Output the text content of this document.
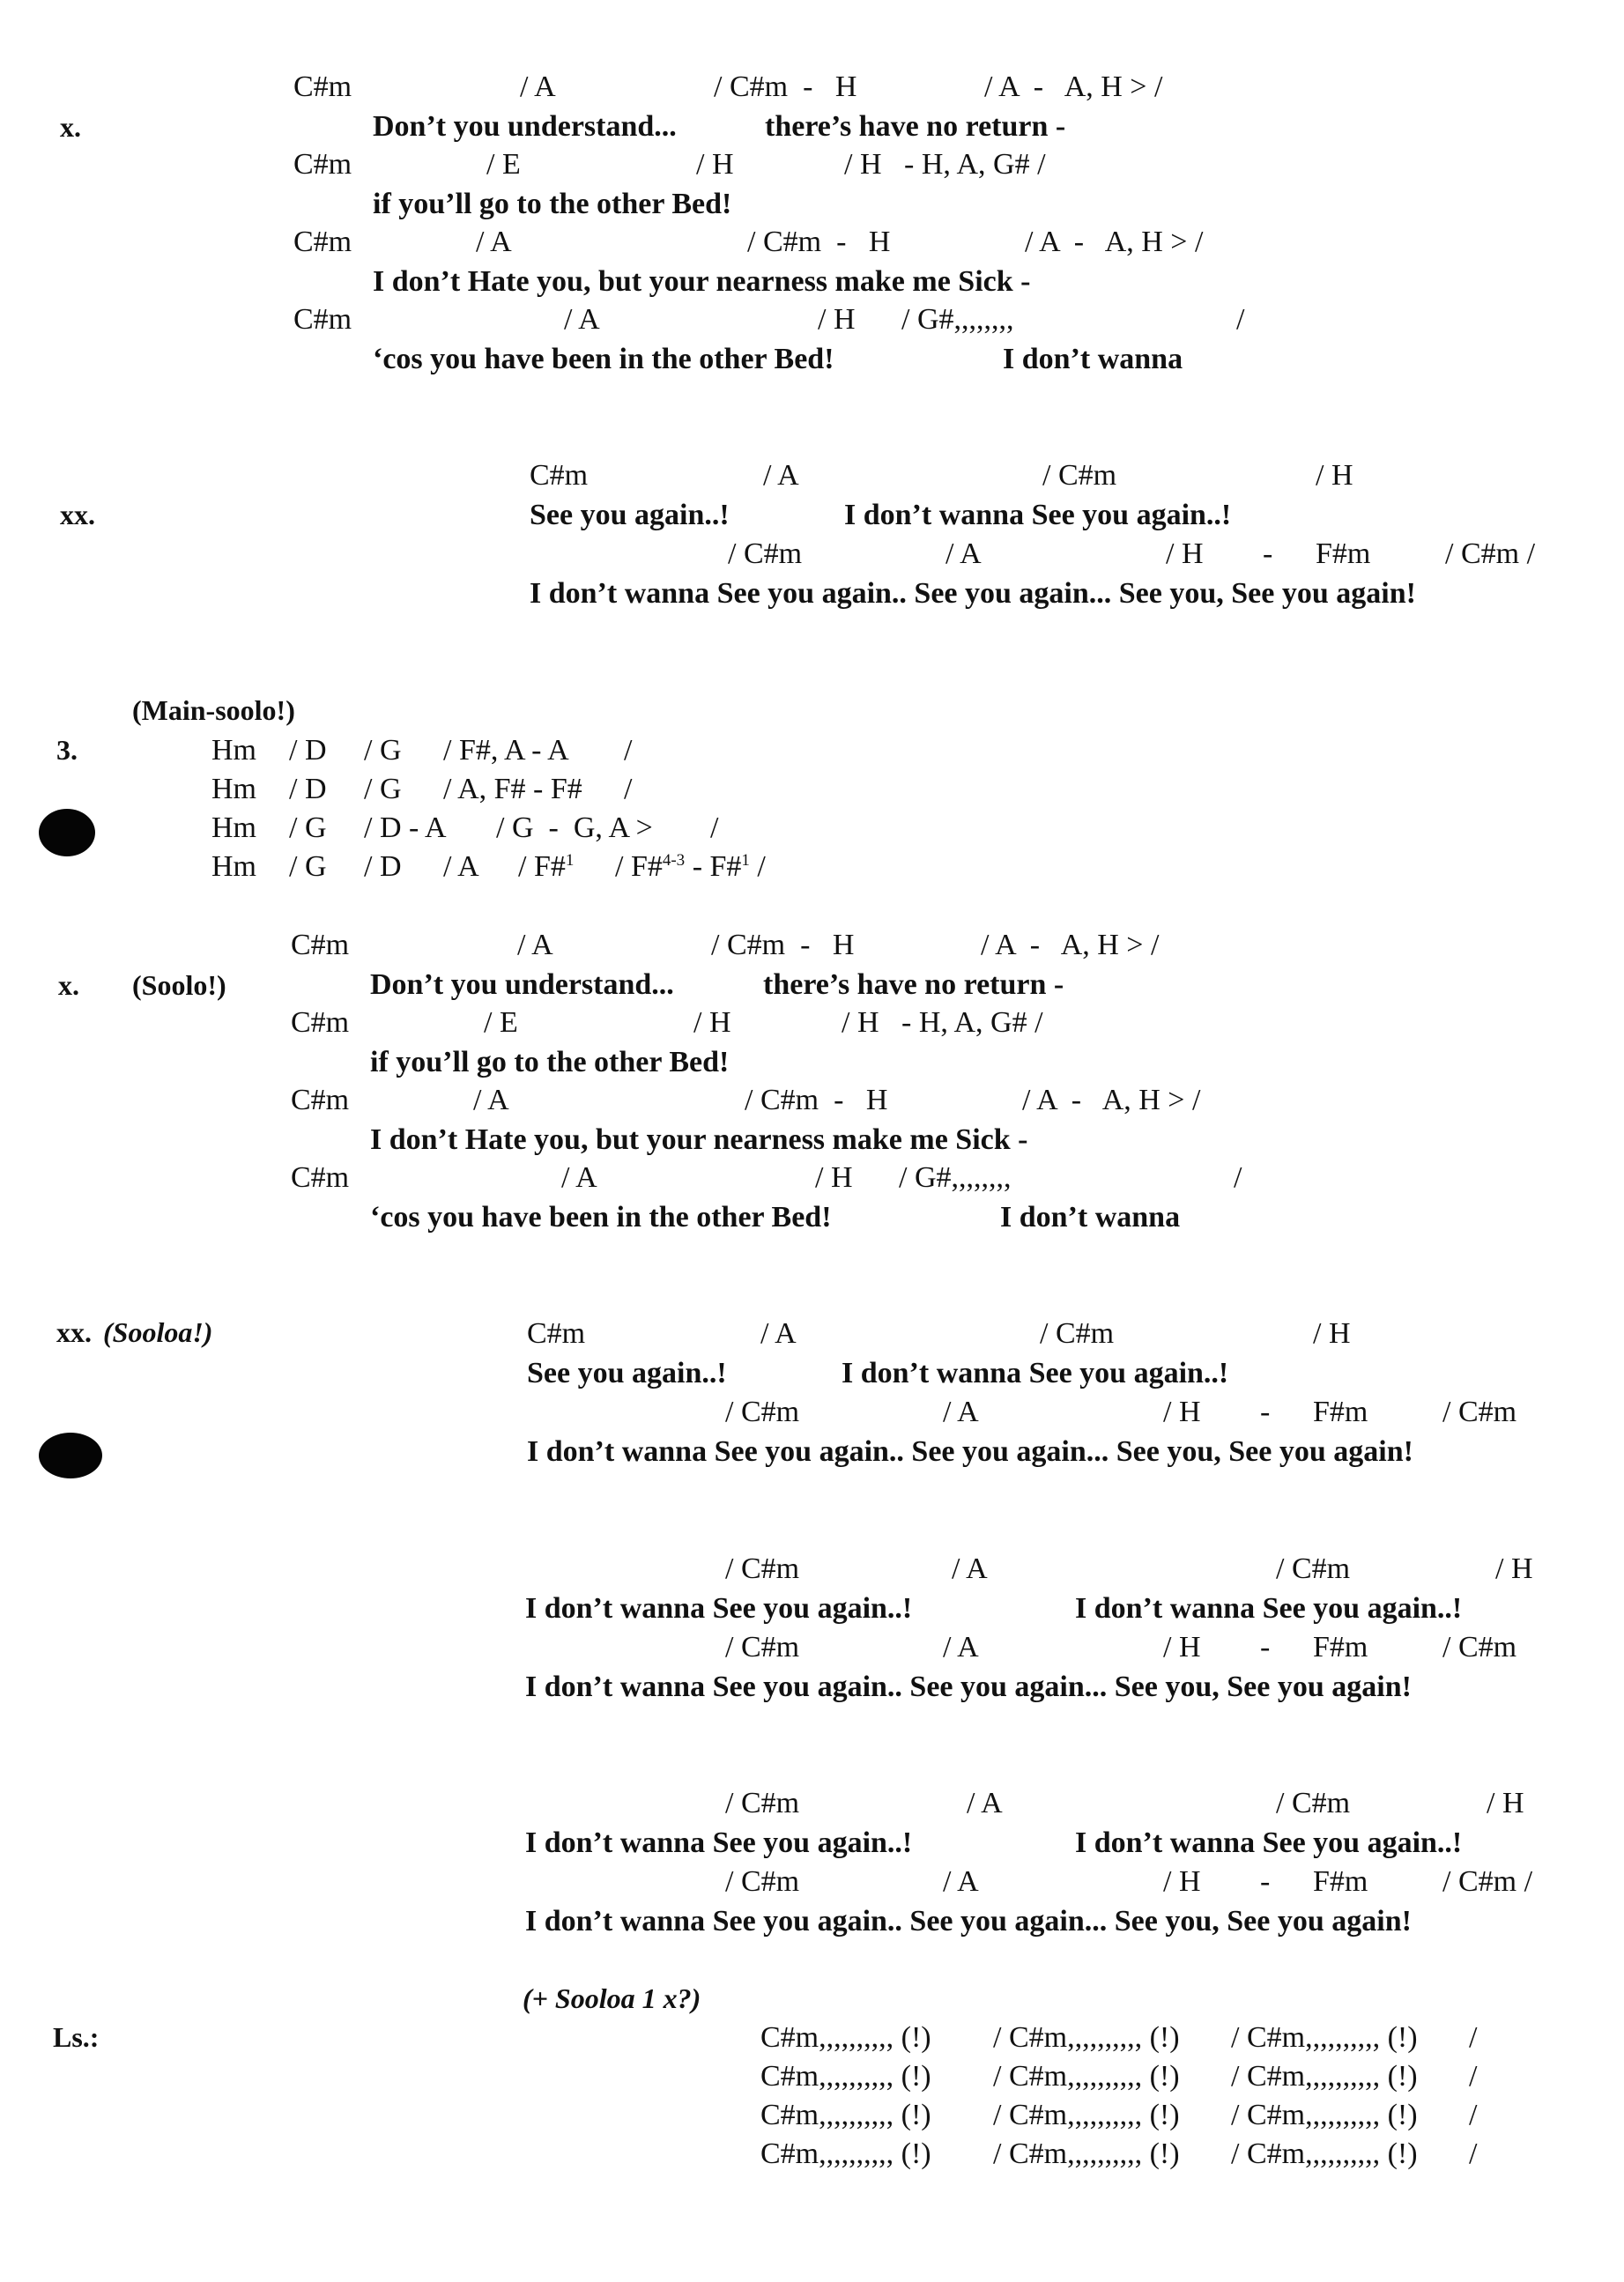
x.
C#m	/ A	/ C#m  -   H	/ A  -   A, H > /
Don’t you understand...	there’s have no return -
C#m	/ E	/ H	/ H   - H, A, G# /
if you’ll go to the other Bed!
C#m	/ A	/ C#m  -   H	/ A  -   A, H > /
I don’t Hate you, but your nearness make me Sick -
C#m	/ A	/ H / G#,,,,,,,,	/
‘cos you have been in the other Bed!	I don’t wanna
xx.
C#m	/ A	/ C#m	/ H
See you again..!	I don’t wanna See you again..!
/ C#m	/ A	/ H - F#m / C#m /
I don’t wanna See you again.. See you again... See you, See you again!
(Main-soolo!)
3.	Hm / D / G / F#, A - A /
Hm / D / G / A, F# - F# /
Hm / G / D - A / G  -  G, A > /
Hm / G / D / A / F#$^1$ / F#$^{4-3}$ - F#$^1$ /
x. (Soolo!)
C#m	/ A	/ C#m  -   H	/ A  -   A, H > /
Don’t you understand...	there’s have no return -
C#m	/ E	/ H	/ H   - H, A, G# /
if you’ll go to the other Bed!
C#m	/ A	/ C#m  -   H	/ A  -   A, H > /
I don’t Hate you, but your nearness make me Sick -
C#m	/ A	/ H / G#,,,,,,,,	/
‘cos you have been in the other Bed!	I don’t wanna
xx. (Sooloa!)	C#m	/ A	/ C#m	/ H
See you again..!	I don’t wanna See you again..!
/ C#m	/ A	/ H - F#m / C#m
I don’t wanna See you again.. See you again... See you, See you again!
/ C#m	/ A	/ C#m	/ H
I don’t wanna See you again..!	I don’t wanna See you again..!
/ C#m	/ A	/ H - F#m / C#m
I don’t wanna See you again.. See you again... See you, See you again!
/ C#m	/ A	/ C#m	/ H
I don’t wanna See you again..!	I don’t wanna See you again..!
/ C#m	/ A	/ H - F#m / C#m /
I don’t wanna See you again.. See you again... See you, See you again!
(+ Sooloa 1 x?)
Ls.:	C#m,,,,,,,,,, (!) / C#m,,,,,,,,,, (!) / C#m,,,,,,,,,, (!) /
C#m,,,,,,,,,, (!) / C#m,,,,,,,,,, (!) / C#m,,,,,,,,,, (!) /
C#m,,,,,,,,,, (!) / C#m,,,,,,,,,, (!) / C#m,,,,,,,,,, (!) /
C#m,,,,,,,,,, (!) / C#m,,,,,,,,,, (!) / C#m,,,,,,,,,, (!) /
